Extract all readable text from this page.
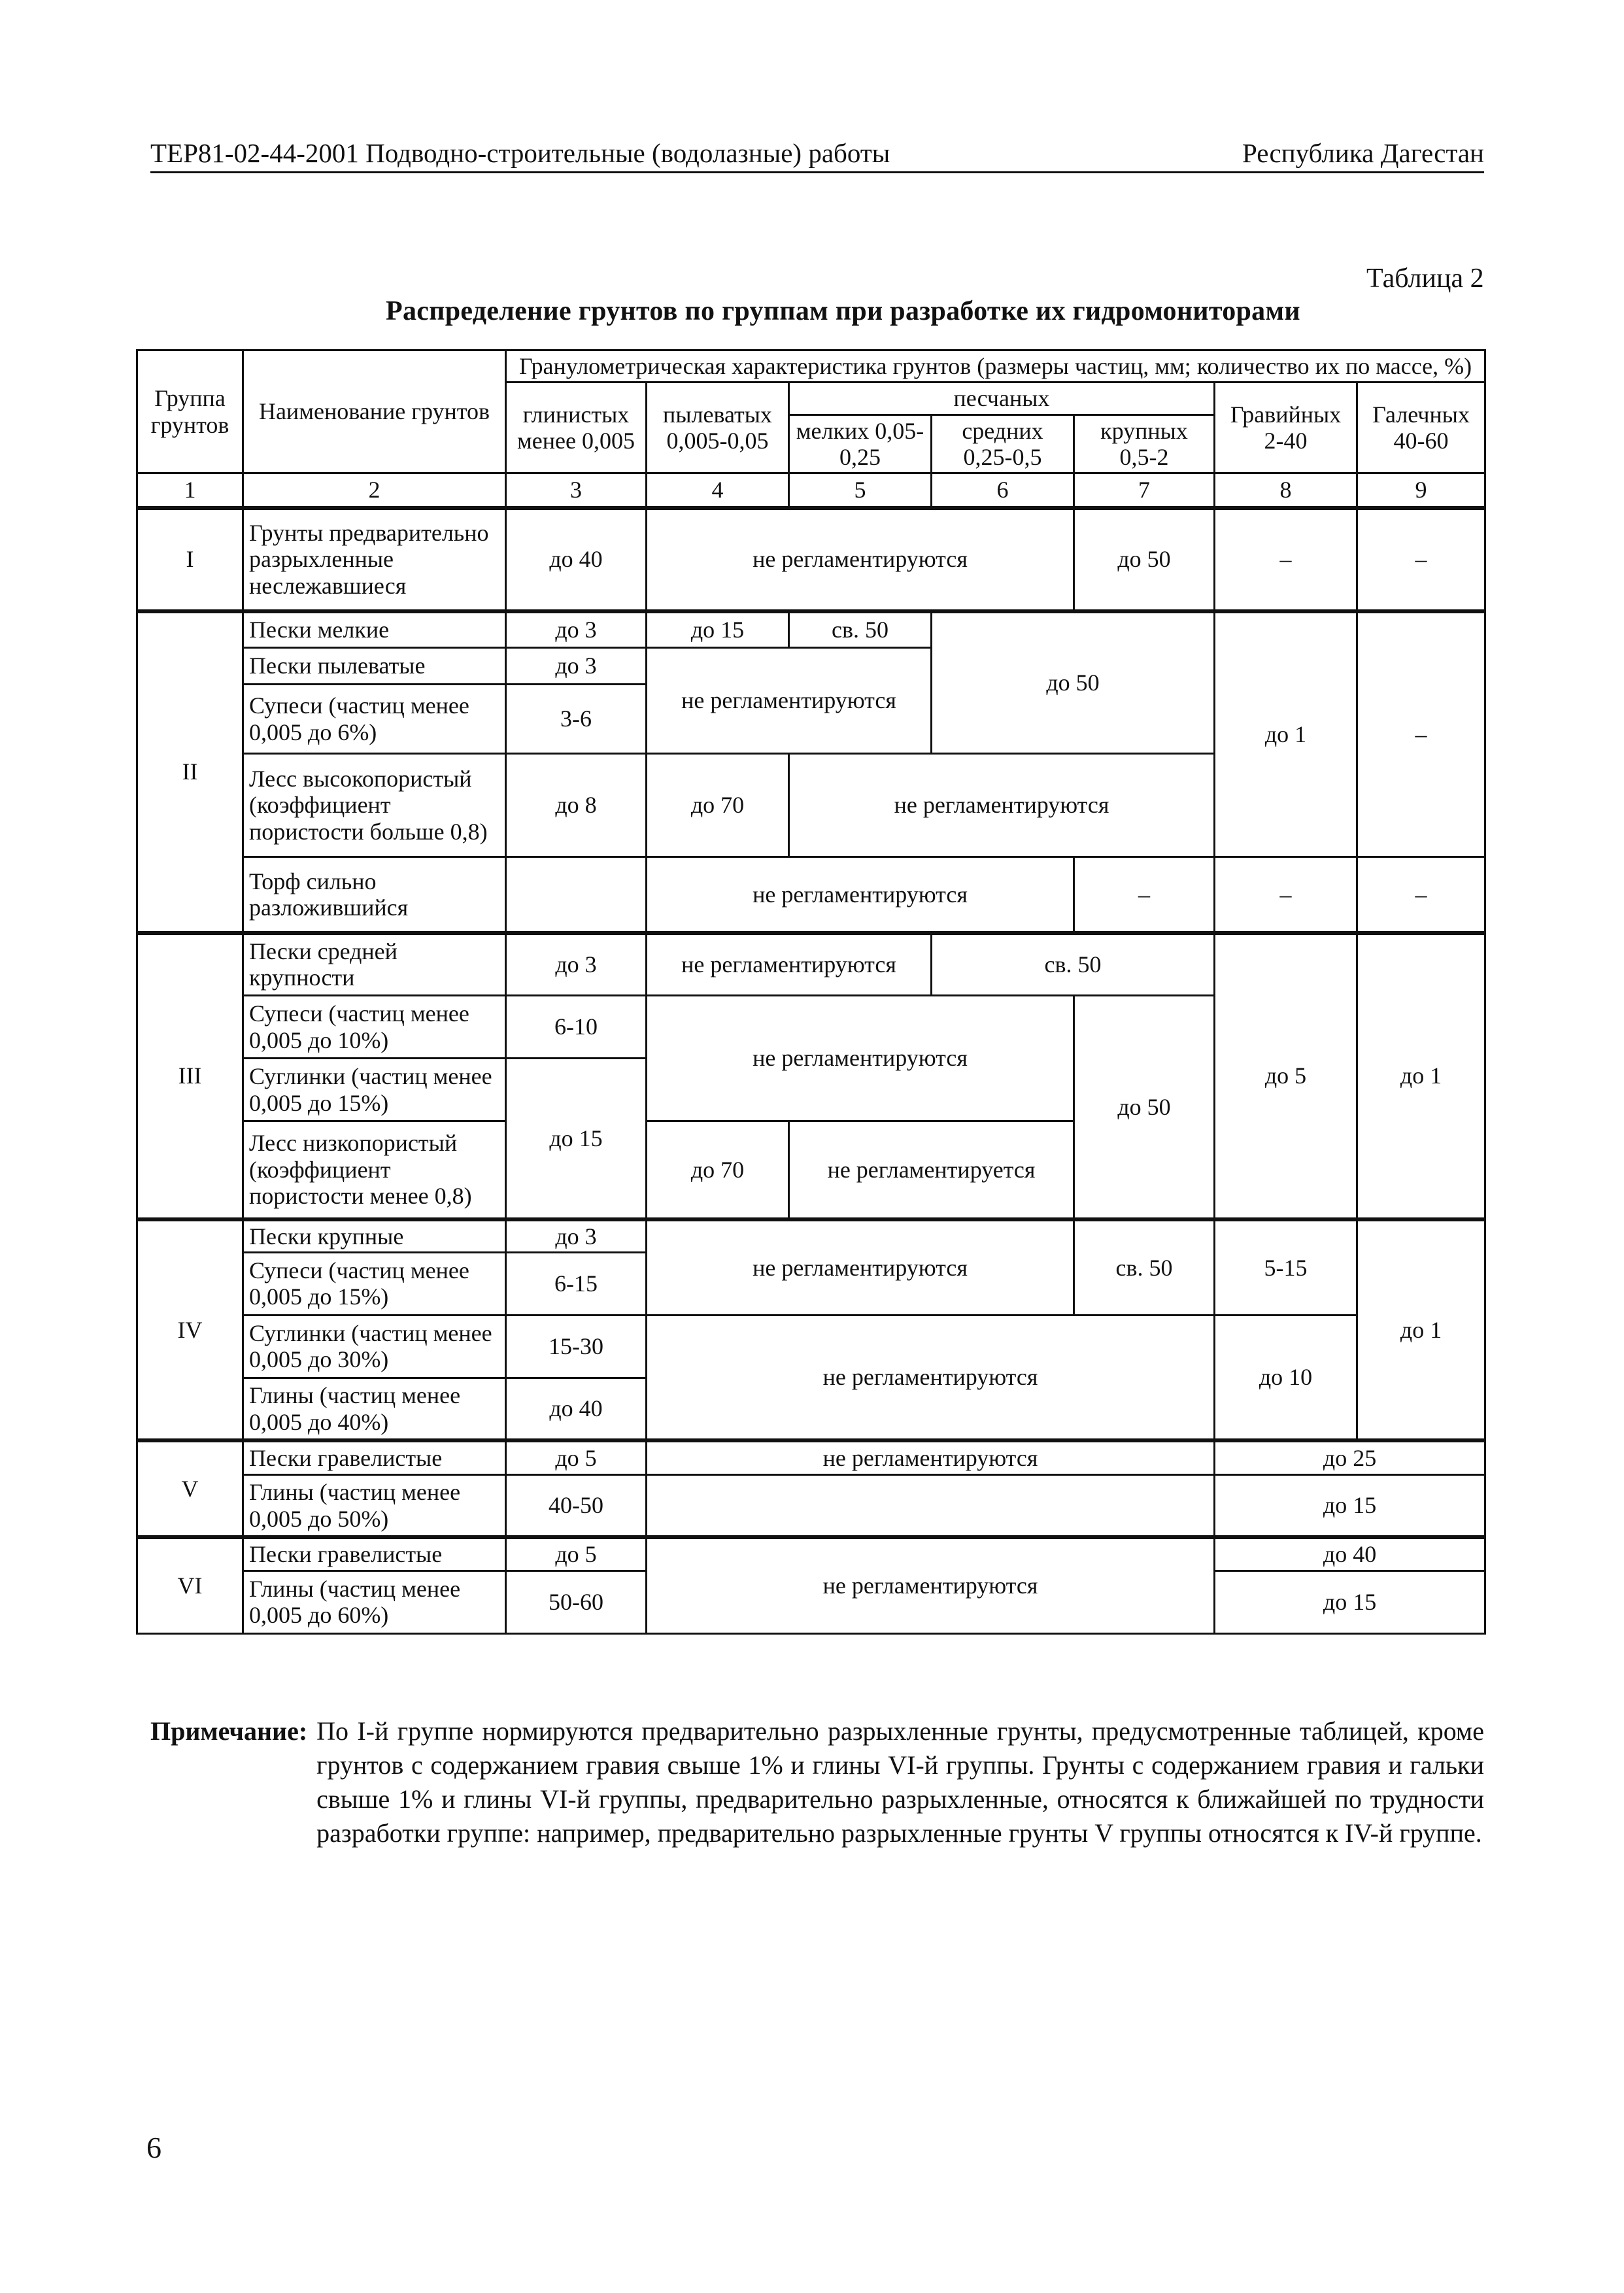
ТЕР81-02-44-2001 Подводно-строительные (водолазные) работы	Республика Дагестан
Таблица 2
Распределение грунтов по группам при разработке их гидромониторами
Группа грунтов	Наименование грунтов	Гранулометрическая характеристика грунтов (размеры частиц, мм; количество их по массе, %)						
		глинистых менее 0,005	пылеватых 0,005-0,05	песчаных			Гравийных 2-40	Галечных 40-60
				мелких 0,05-0,25	средних 0,25-0,5	крупных 0,5-2		
1	2	3	4	5	6	7	8	9
I	Грунты предварительно разрыхленные неслежавшиеся	до 40	не регламентируются			до 50	–	–
II	Пески мелкие	до 3	до 15	св. 50	до 50		до 1	–
	Пески пылеватые	до 3	не регламентируются					
	Супеси (частиц менее 0,005 до 6%)	3-6						
	Лесс высокопористый (коэффициент пористости больше 0,8)	до 8	до 70	не регламентируются				
	Торф сильно разложившийся		не регламентируются			–	–	–
III	Пески средней крупности	до 3	не регламентируются		св. 50		до 5	до 1
	Супеси (частиц менее 0,005 до 10%)	6-10	не регламентируются			до 50		
	Суглинки (частиц менее 0,005 до 15%)	до 15						
	Лесс низкопористый (коэффициент пористости менее 0,8)		до 70	не регламентируется				
IV	Пески крупные	до 3	не регламентируются			св. 50	5-15	до 1
	Супеси (частиц менее 0,005 до 15%)	6-15						
	Суглинки (частиц менее 0,005 до 30%)	15-30	не регламентируются				до 10	
	Глины (частиц менее 0,005 до 40%)	до 40						
V	Пески гравелистые	до 5	не регламентируются				до 25	
	Глины (частиц менее 0,005 до 50%)	40-50					до 15	
VI	Пески гравелистые	до 5	не регламентируются				до 40	
	Глины (частиц менее 0,005 до 60%)	50-60					до 15	
Примечание: По I-й группе нормируются предварительно разрыхленные грунты, предусмотренные таблицей, кроме грунтов с содержанием гравия свыше 1% и глины VI-й группы. Грунты с содержанием гравия и гальки свыше 1% и глины VI-й группы, предварительно разрыхленные, относятся к ближайшей по трудности разработки группе: например, предварительно разрыхленные грунты V группы относятся к IV-й группе.
6
